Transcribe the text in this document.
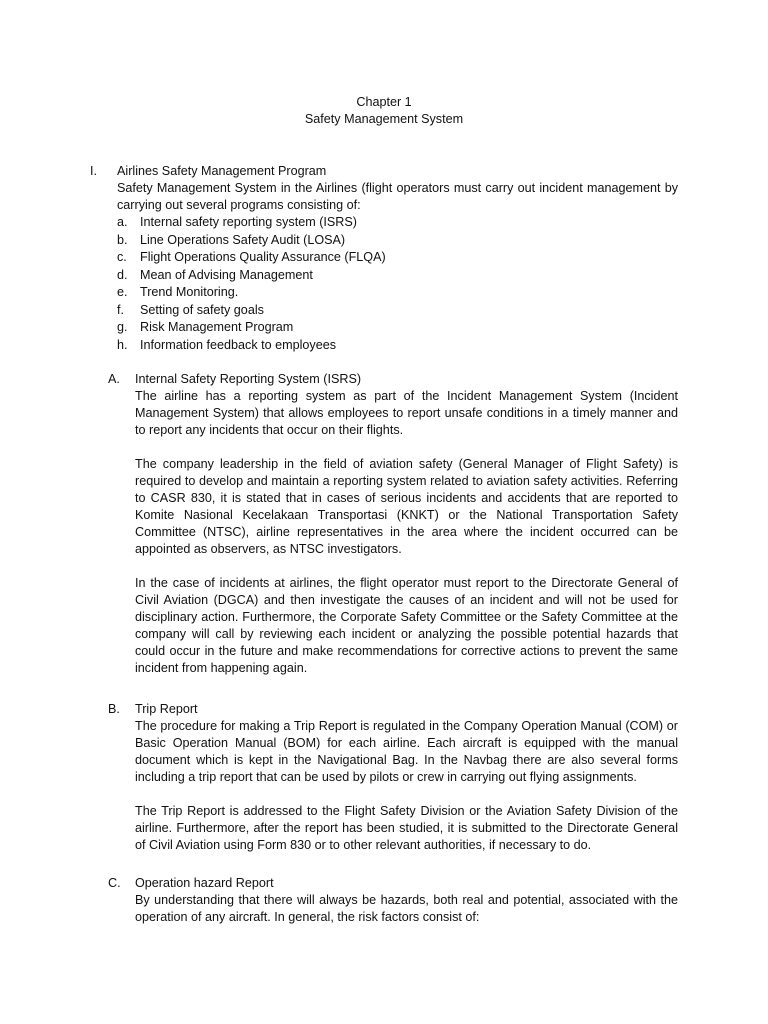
Chapter 1
Safety Management System
I. Airlines Safety Management Program
Safety Management System in the Airlines (flight operators must carry out incident management by carrying out several programs consisting of:
a. Internal safety reporting system (ISRS)
b. Line Operations Safety Audit (LOSA)
c. Flight Operations Quality Assurance (FLQA)
d. Mean of Advising Management
e. Trend Monitoring.
f. Setting of safety goals
g. Risk Management Program
h. Information feedback to employees
A. Internal Safety Reporting System (ISRS)
The airline has a reporting system as part of the Incident Management System (Incident Management System) that allows employees to report unsafe conditions in a timely manner and to report any incidents that occur on their flights.
The company leadership in the field of aviation safety (General Manager of Flight Safety) is required to develop and maintain a reporting system related to aviation safety activities. Referring to CASR 830, it is stated that in cases of serious incidents and accidents that are reported to Komite Nasional Kecelakaan Transportasi (KNKT) or the National Transportation Safety Committee (NTSC), airline representatives in the area where the incident occurred can be appointed as observers, as NTSC investigators.
In the case of incidents at airlines, the flight operator must report to the Directorate General of Civil Aviation (DGCA) and then investigate the causes of an incident and will not be used for disciplinary action. Furthermore, the Corporate Safety Committee or the Safety Committee at the company will call by reviewing each incident or analyzing the possible potential hazards that could occur in the future and make recommendations for corrective actions to prevent the same incident from happening again.
B. Trip Report
The procedure for making a Trip Report is regulated in the Company Operation Manual (COM) or Basic Operation Manual (BOM) for each airline. Each aircraft is equipped with the manual document which is kept in the Navigational Bag. In the Navbag there are also several forms including a trip report that can be used by pilots or crew in carrying out flying assignments.
The Trip Report is addressed to the Flight Safety Division or the Aviation Safety Division of the airline. Furthermore, after the report has been studied, it is submitted to the Directorate General of Civil Aviation using Form 830 or to other relevant authorities, if necessary to do.
C. Operation hazard Report
By understanding that there will always be hazards, both real and potential, associated with the operation of any aircraft. In general, the risk factors consist of:
